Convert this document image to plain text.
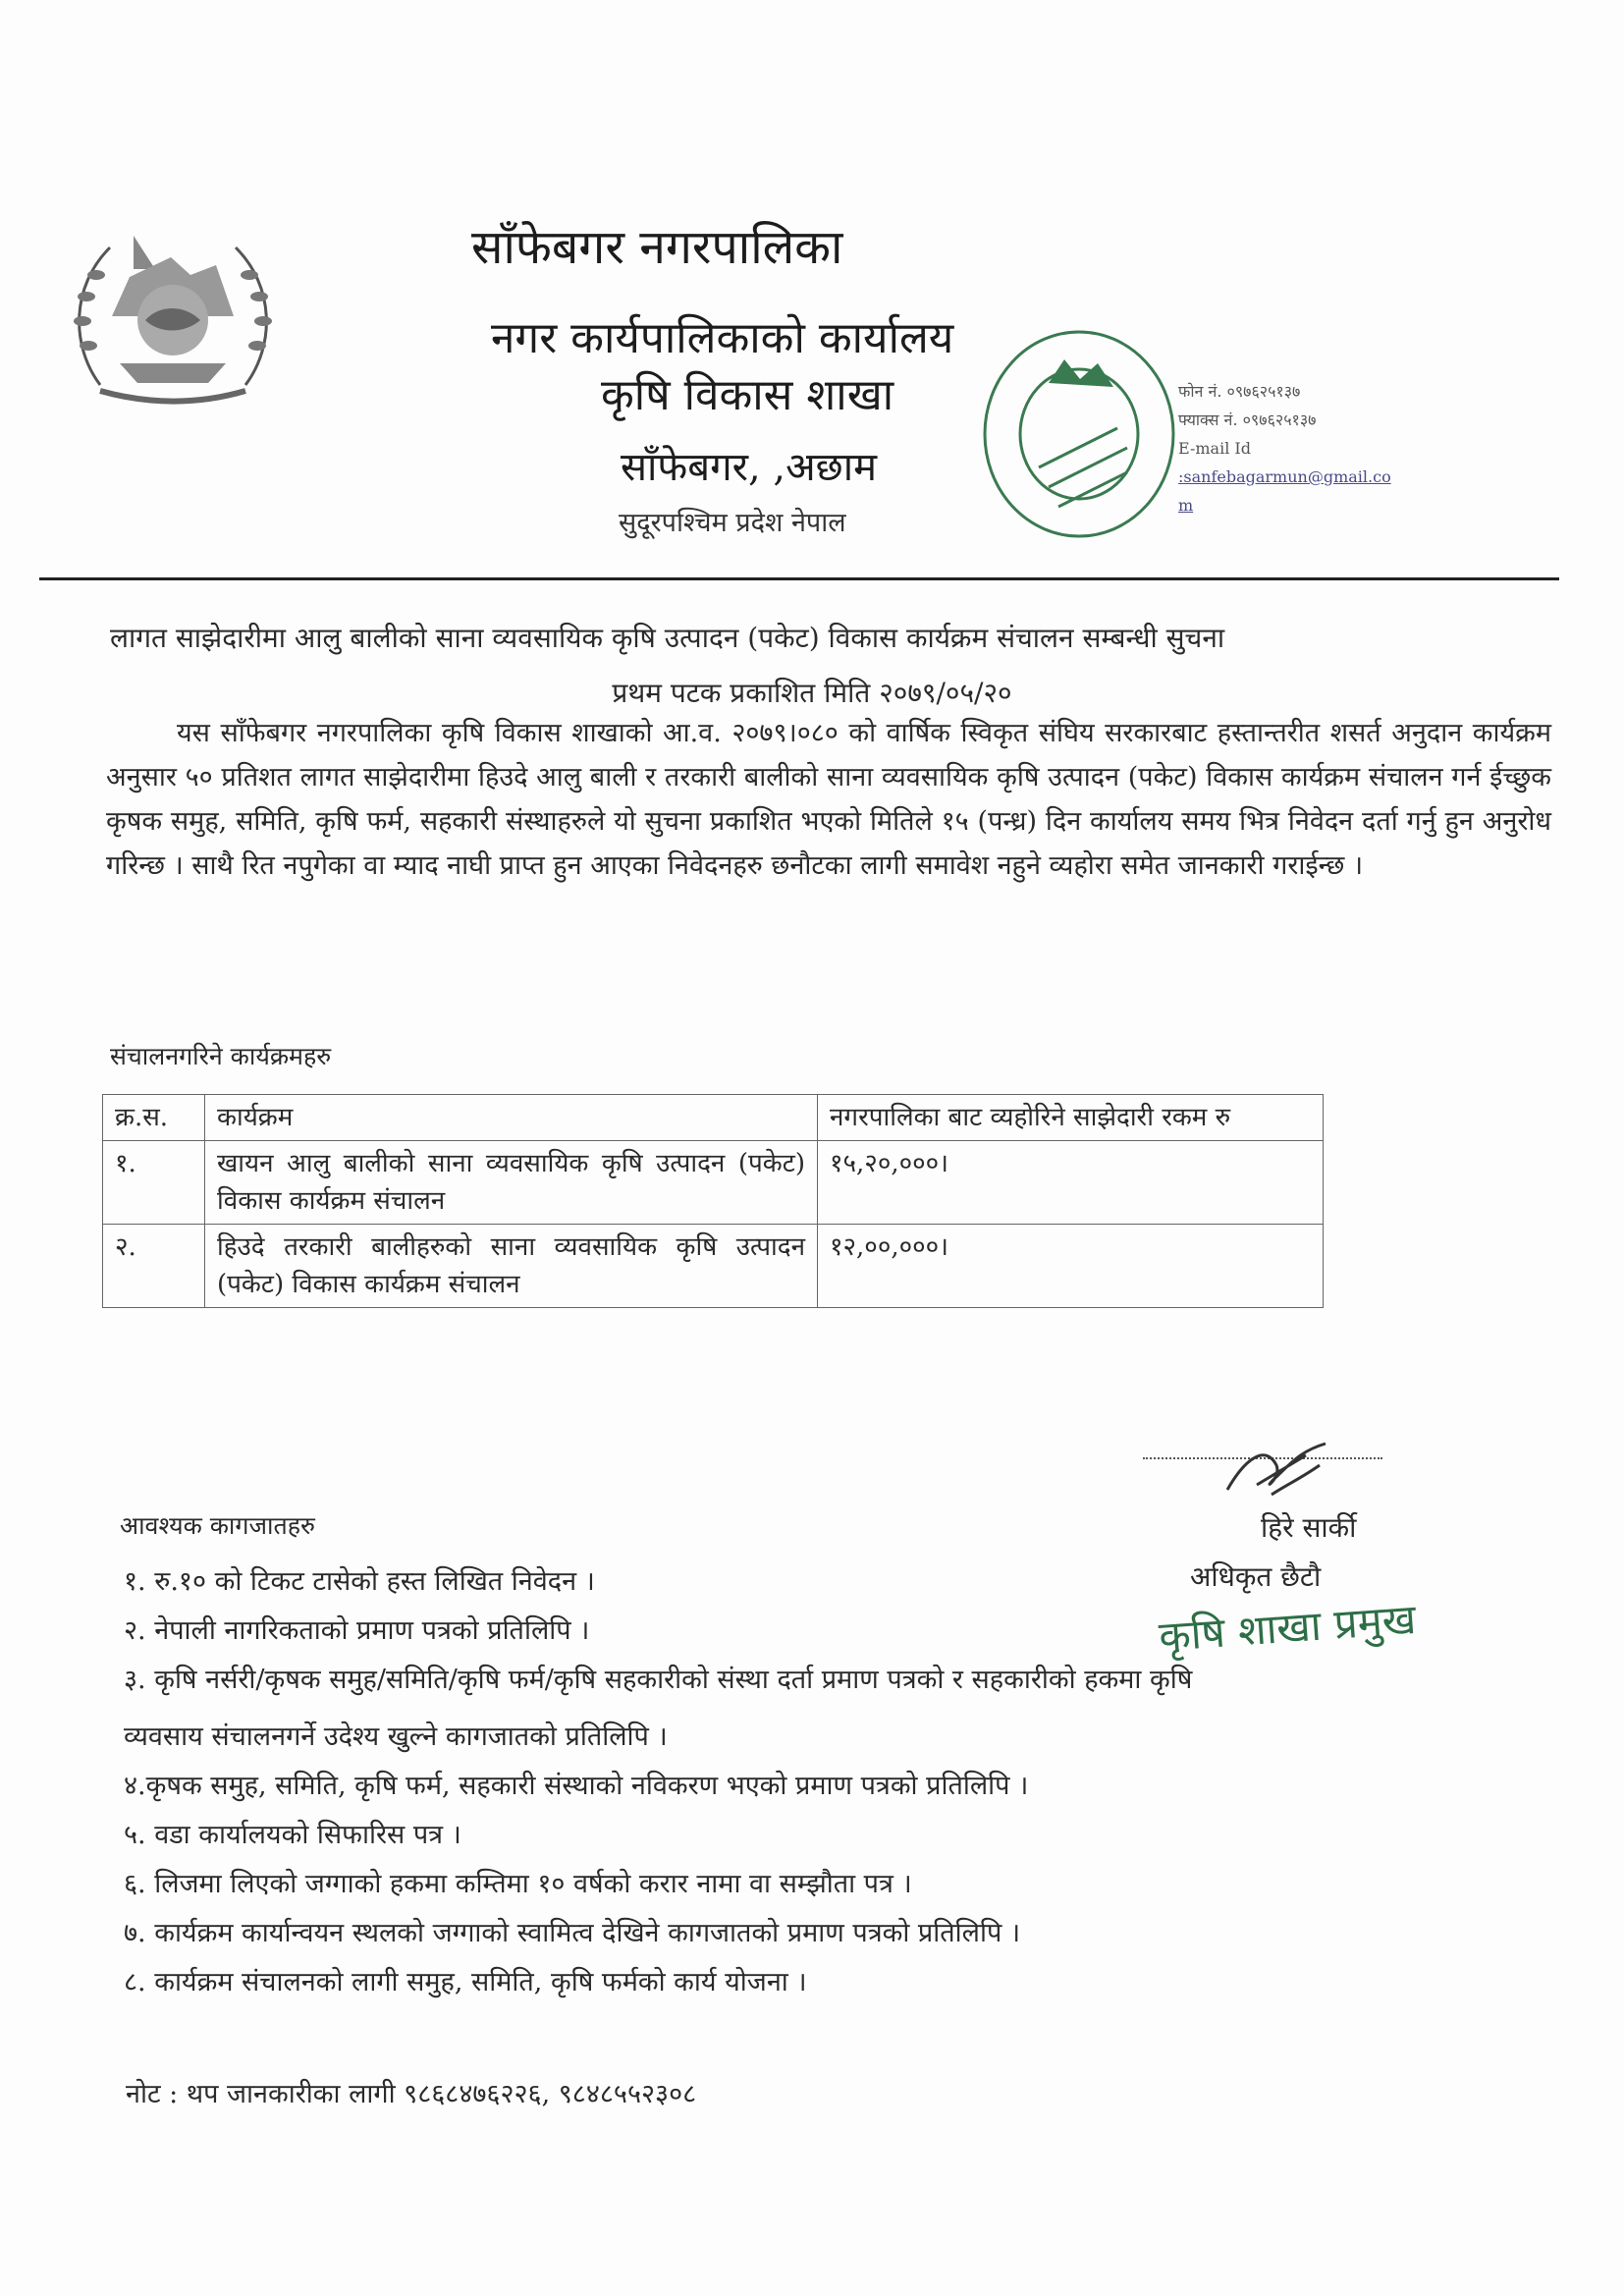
साँफेबगर नगरपालिका
नगर कार्यपालिकाको कार्यालय
कृषि विकास शाखा
साँफेबगर, ,अछाम
सुदूरपश्चिम प्रदेश नेपाल
फोन नं. ०९७६२५१३७
फ्याक्स नं. ०९७६२५१३७
E-mail Id
:sanfebagarmun@gmail.co
m
लागत साझेदारीमा आलु बालीको साना व्यवसायिक कृषि उत्पादन (पकेट) विकास कार्यक्रम संचालन सम्बन्धी सुचना
प्रथम पटक प्रकाशित मिति २०७९/०५/२०
यस साँफेबगर नगरपालिका कृषि विकास शाखाको आ.व. २०७९।०८० को वार्षिक स्विकृत संघिय सरकारबाट हस्तान्तरीत शसर्त अनुदान कार्यक्रम अनुसार ५० प्रतिशत लागत साझेदारीमा हिउदे आलु बाली र तरकारी बालीको साना व्यवसायिक कृषि उत्पादन (पकेट) विकास कार्यक्रम संचालन गर्न ईच्छुक कृषक समुह, समिति, कृषि फर्म, सहकारी संस्थाहरुले यो सुचना प्रकाशित भएको मितिले १५ (पन्ध्र) दिन कार्यालय समय भित्र निवेदन दर्ता गर्नु हुन अनुरोध गरिन्छ । साथै रित नपुगेका वा म्याद नाघी प्राप्त हुन आएका निवेदनहरु छनौटका लागी समावेश नहुने व्यहोरा समेत जानकारी गराईन्छ ।
संचालनगरिने कार्यक्रमहरु
क्र.स.	कार्यक्रम	नगरपालिका बाट व्यहोरिने साझेदारी रकम रु
१.	खायन आलु बालीको साना व्यवसायिक कृषि उत्पादन (पकेट) विकास कार्यक्रम संचालन	१५,२०,०००।
२.	हिउदे तरकारी बालीहरुको साना व्यवसायिक कृषि उत्पादन (पकेट) विकास कार्यक्रम संचालन	१२,००,०००।
हिरे सार्की
अधिकृत छैटौ
कृषि शाखा प्रमुख
आवश्यक कागजातहरु
१. रु.१० को टिकट टासेको हस्त लिखित निवेदन ।
२. नेपाली नागरिकताको प्रमाण पत्रको प्रतिलिपि ।
३. कृषि नर्सरी/कृषक समुह/समिति/कृषि फर्म/कृषि सहकारीको संस्था दर्ता प्रमाण पत्रको र सहकारीको हकमा कृषि
व्यवसाय संचालनगर्ने उदेश्य खुल्ने कागजातको प्रतिलिपि ।
४.कृषक समुह, समिति, कृषि फर्म, सहकारी संस्थाको नविकरण भएको प्रमाण पत्रको प्रतिलिपि ।
५. वडा कार्यालयको सिफारिस पत्र ।
६. लिजमा लिएको जग्गाको हकमा कम्तिमा १० वर्षको करार नामा वा सम्झौता पत्र ।
७. कार्यक्रम कार्यान्वयन स्थलको जग्गाको स्वामित्व देखिने कागजातको प्रमाण पत्रको प्रतिलिपि ।
८. कार्यक्रम संचालनको लागी समुह, समिति, कृषि फर्मको कार्य योजना ।
नोट : थप जानकारीका लागी ९८६८४७६२२६, ९८४८५५२३०८
